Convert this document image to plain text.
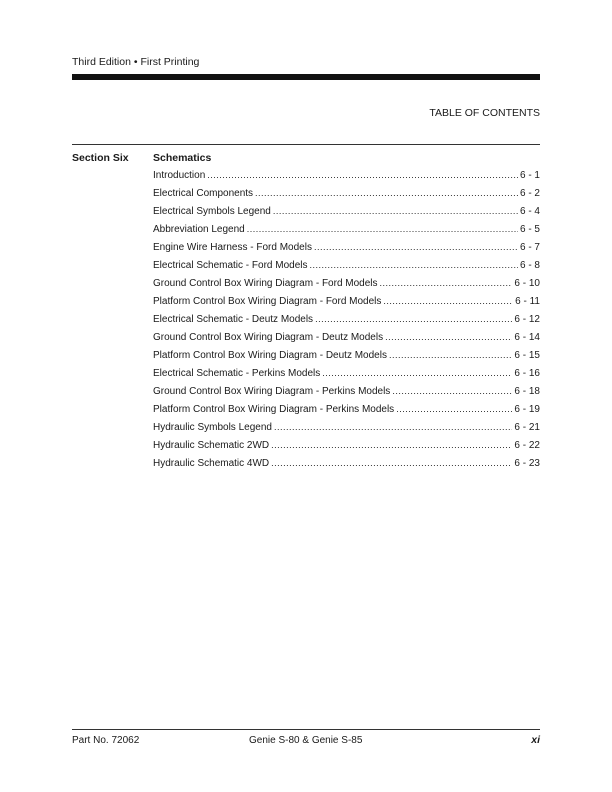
Third Edition • First Printing
TABLE OF CONTENTS
Section Six Schematics
Introduction .....	6 - 1
Electrical Components .....	6 - 2
Electrical Symbols Legend .....	6 - 4
Abbreviation Legend .....	6 - 5
Engine Wire Harness - Ford Models .....	6 - 7
Electrical Schematic - Ford Models .....	6 - 8
Ground Control Box Wiring Diagram - Ford Models .....	6 - 10
Platform Control Box Wiring Diagram - Ford Models .....	6 - 11
Electrical Schematic - Deutz Models .....	6 - 12
Ground Control Box Wiring Diagram - Deutz Models .....	6 - 14
Platform Control Box Wiring Diagram - Deutz Models .....	6 - 15
Electrical Schematic - Perkins Models .....	6 - 16
Ground Control Box Wiring Diagram - Perkins Models .....	6 - 18
Platform Control Box Wiring Diagram - Perkins Models .....	6 - 19
Hydraulic Symbols Legend .....	6 - 21
Hydraulic Schematic 2WD .....	6 - 22
Hydraulic Schematic 4WD .....	6 - 23
Part No. 72062	Genie S-80 & Genie S-85	xi
